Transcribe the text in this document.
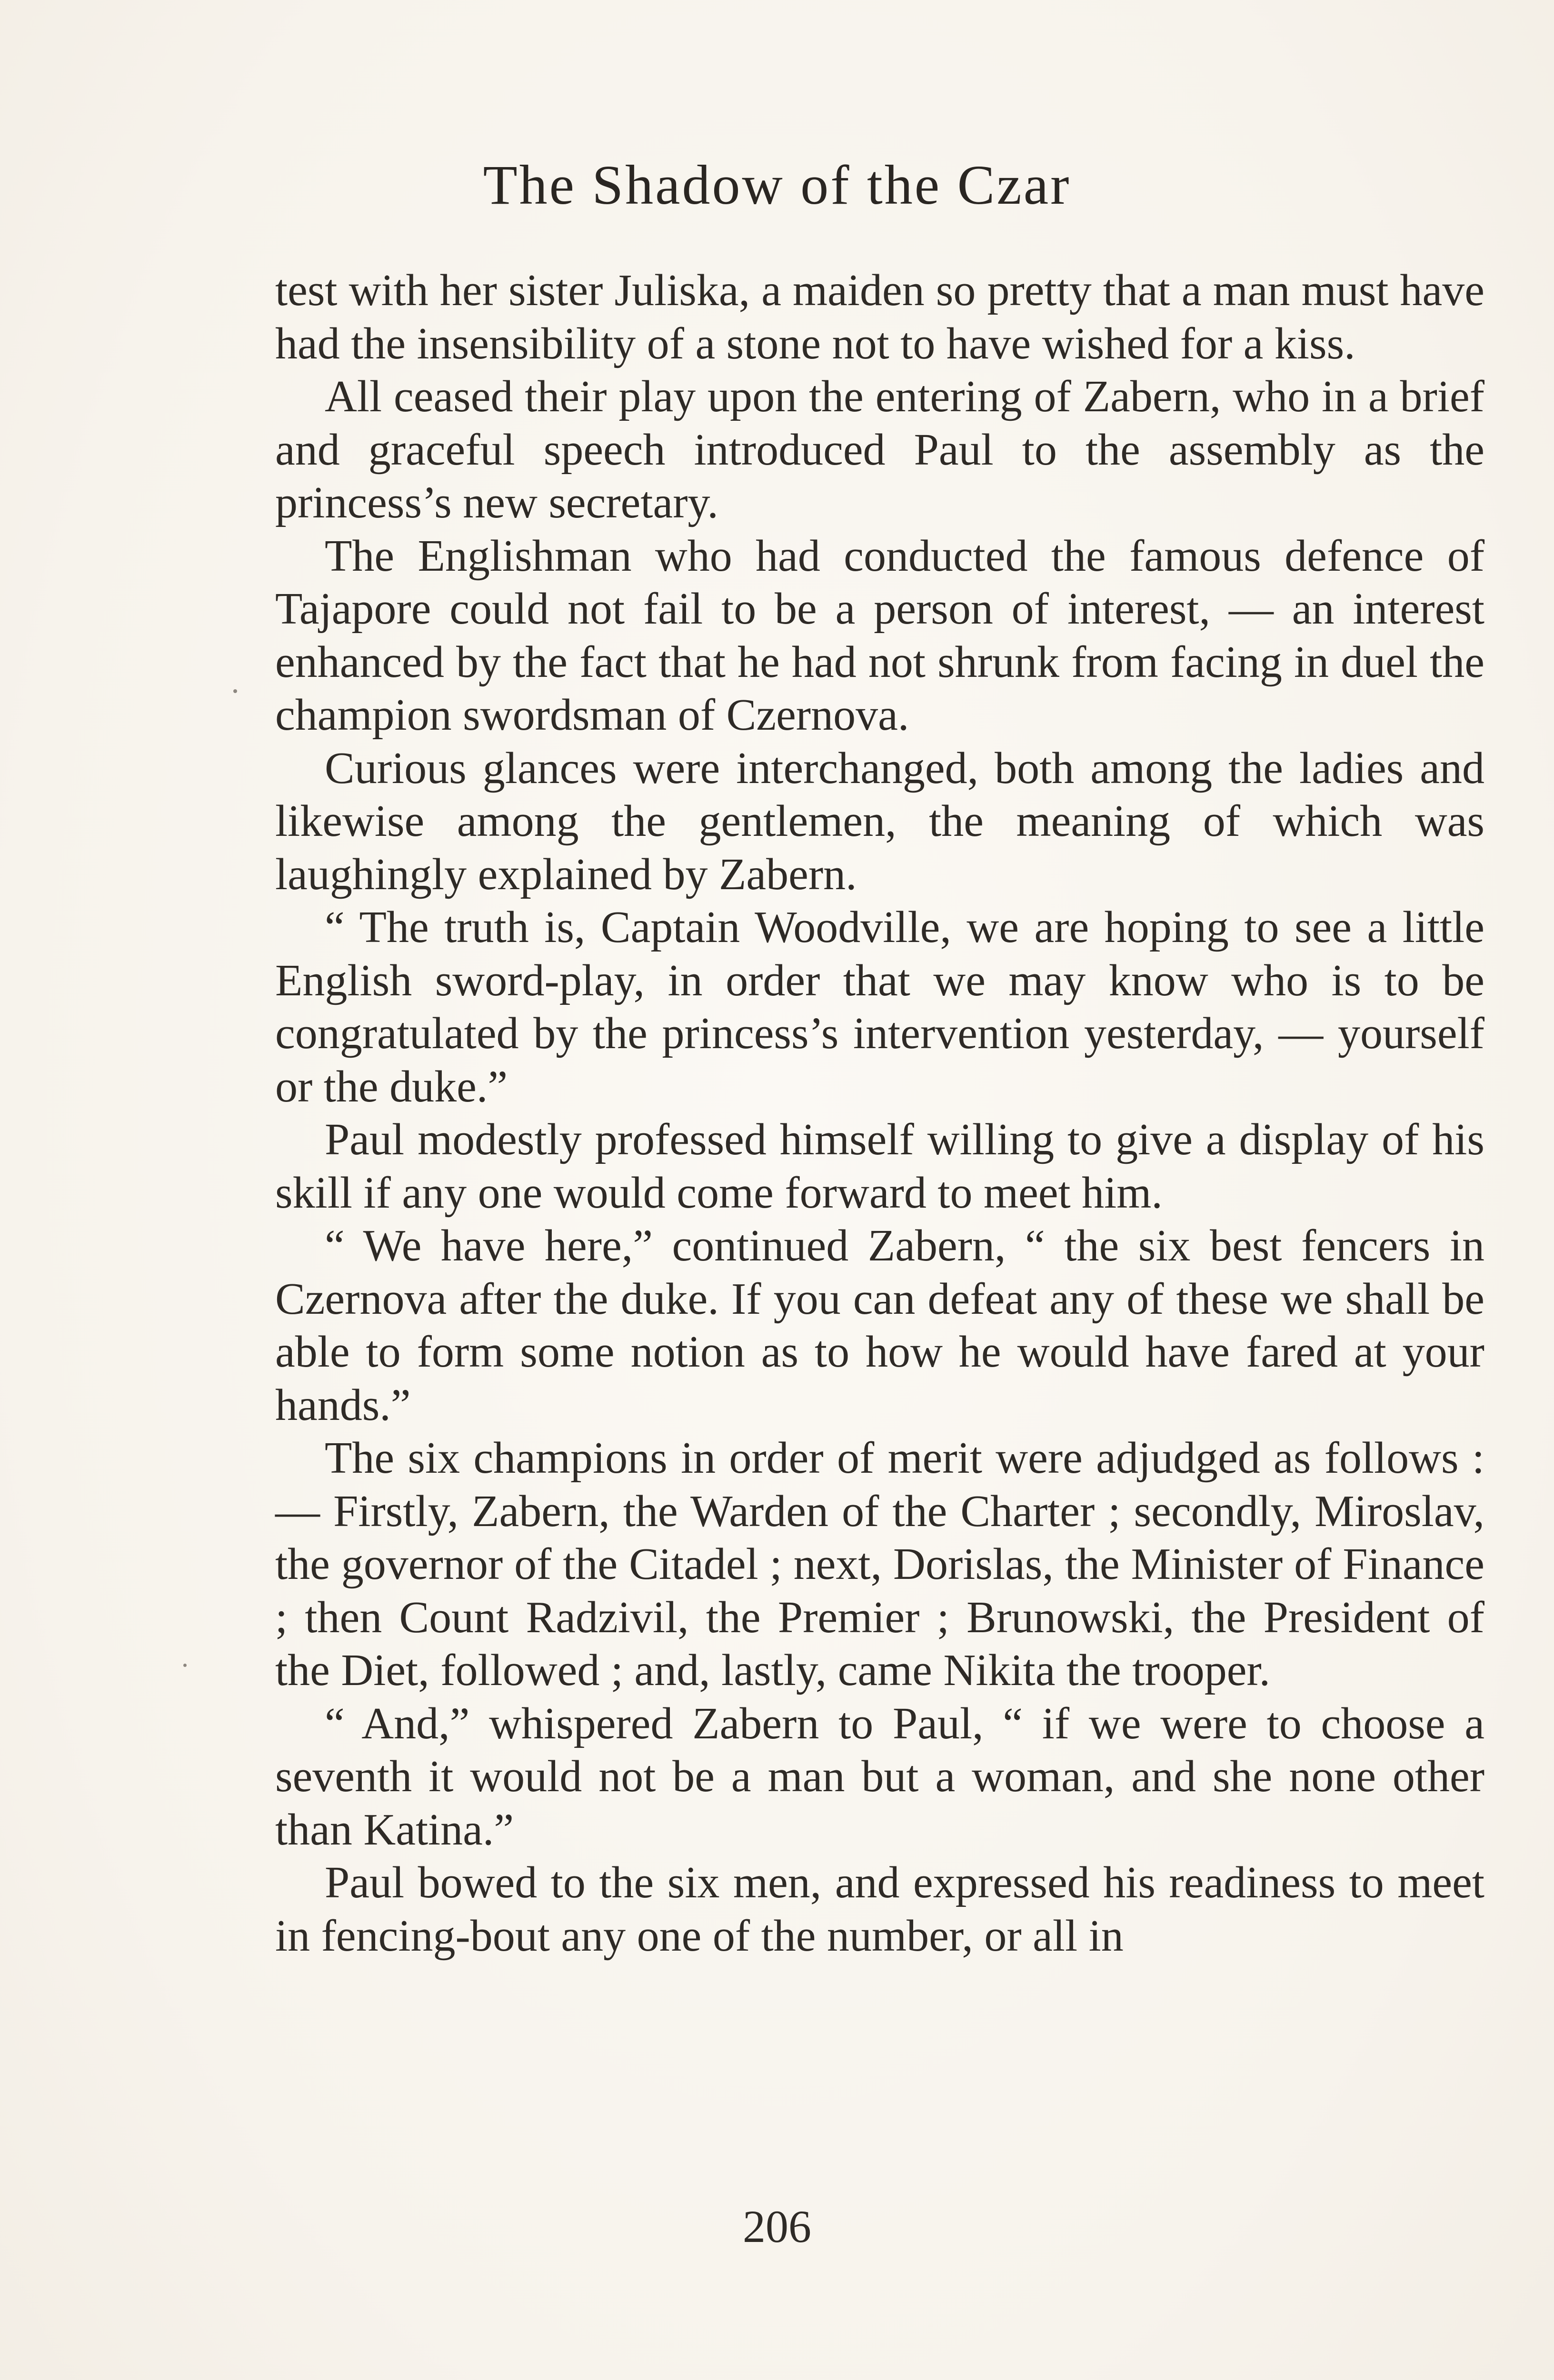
The Shadow of the Czar

test with her sister Juliska, a maiden so pretty that a man must have had the insensibility of a stone not to have wished for a kiss.

All ceased their play upon the entering of Zabern, who in a brief and graceful speech introduced Paul to the assembly as the princess’s new secretary.

The Englishman who had conducted the famous defence of Tajapore could not fail to be a person of interest, — an interest enhanced by the fact that he had not shrunk from facing in duel the champion swordsman of Czernova.

Curious glances were interchanged, both among the ladies and likewise among the gentlemen, the meaning of which was laughingly explained by Zabern.

“ The truth is, Captain Woodville, we are hoping to see a little English sword-play, in order that we may know who is to be congratulated by the princess’s intervention yesterday, — yourself or the duke.”

Paul modestly professed himself willing to give a display of his skill if any one would come forward to meet him.

“ We have here,” continued Zabern, “ the six best fencers in Czernova after the duke. If you can defeat any of these we shall be able to form some notion as to how he would have fared at your hands.”

The six champions in order of merit were adjudged as follows : — Firstly, Zabern, the Warden of the Charter ; secondly, Miroslav, the governor of the Citadel ; next, Dorislas, the Minister of Finance ; then Count Radzivil, the Premier ; Brunowski, the President of the Diet, followed ; and, lastly, came Nikita the trooper.

“ And,” whispered Zabern to Paul, “ if we were to choose a seventh it would not be a man but a woman, and she none other than Katina.”

Paul bowed to the six men, and expressed his readiness to meet in fencing-bout any one of the number, or all in

206
